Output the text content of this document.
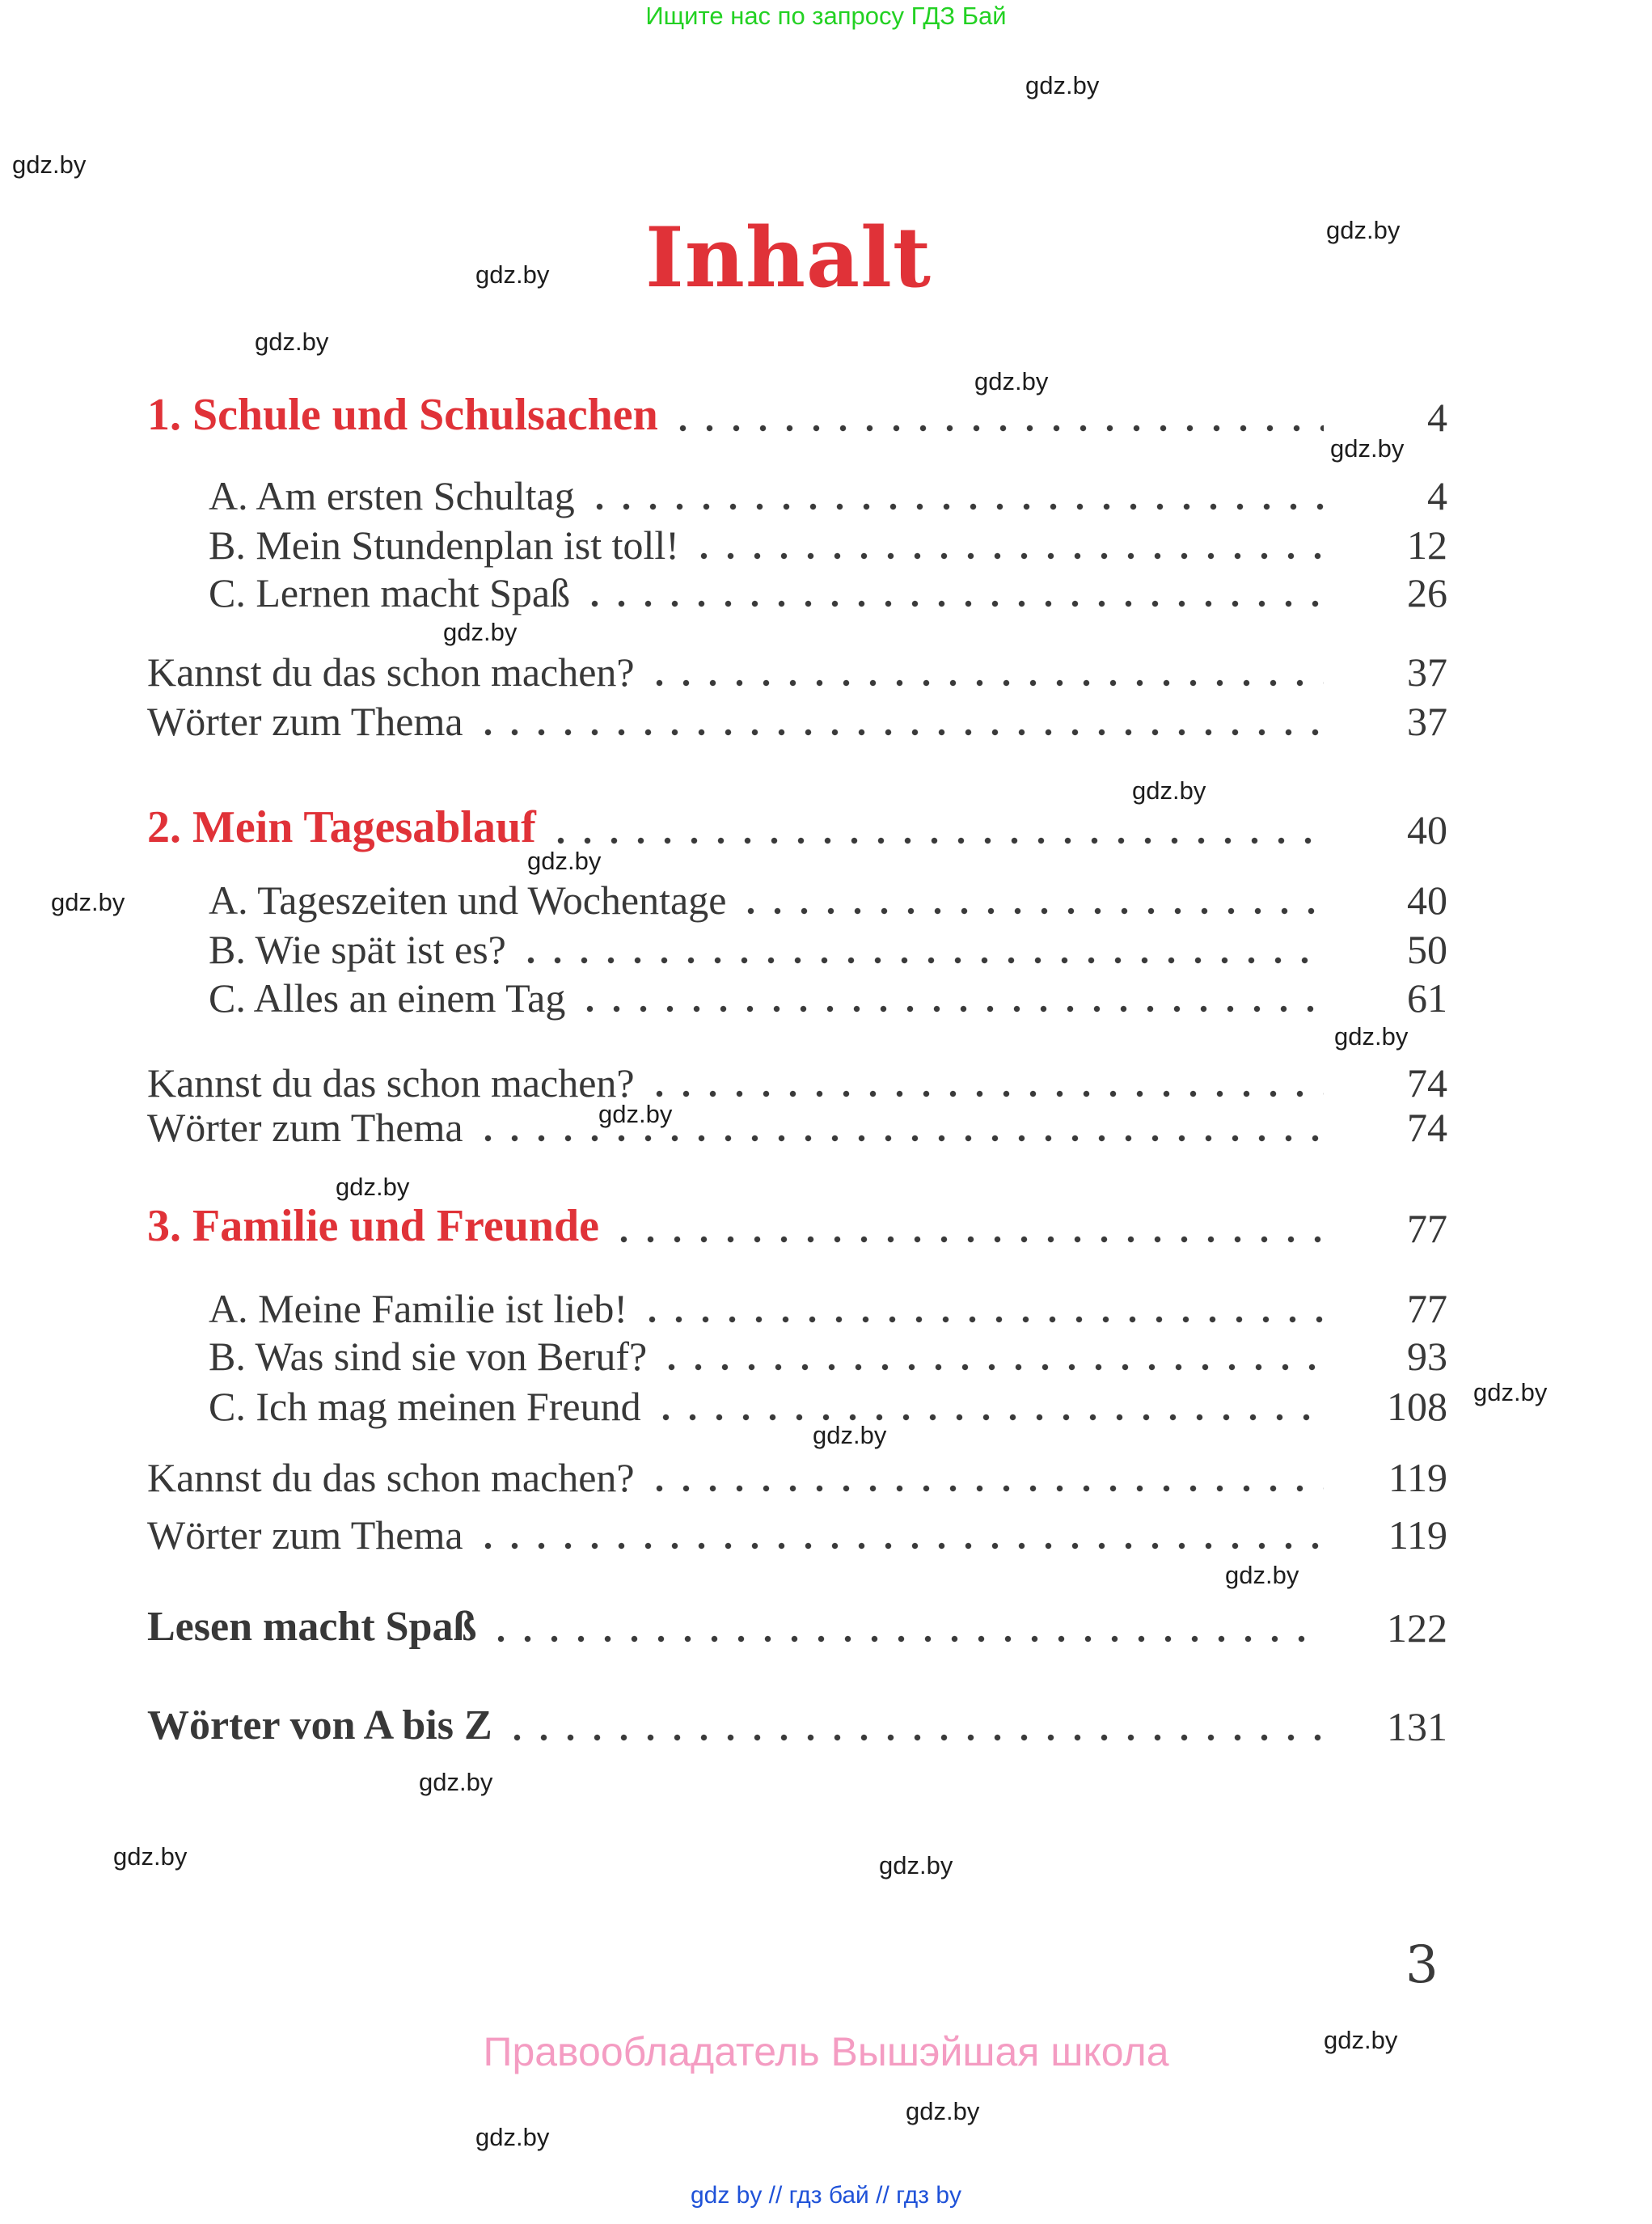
Ищите нас по запросу ГДЗ Бай
Inhalt
1. Schule und Schulsachen	4
A. Am ersten Schultag	4
B. Mein Stundenplan ist toll!	12
C. Lernen macht Spaß	26
Kannst du das schon machen?	37
Wörter zum Thema	37
2. Mein Tagesablauf	40
A. Tageszeiten und Wochentage	40
B. Wie spät ist es?	50
C. Alles an einem Tag	61
Kannst du das schon machen?	74
Wörter zum Thema	74
3. Familie und Freunde	77
A. Meine Familie ist lieb!	77
B. Was sind sie von Beruf?	93
C. Ich mag meinen Freund	108
Kannst du das schon machen?	119
Wörter zum Thema	119
Lesen macht Spaß	122
Wörter von A bis Z	131
gdz.by
gdz.by
gdz.by
gdz.by
gdz.by
gdz.by
gdz.by
gdz.by
gdz.by
gdz.by
gdz.by
gdz.by
gdz.by
gdz.by
gdz.by
gdz.by
gdz.by
gdz.by
gdz.by	gdz.by
gdz.by
gdz.by
gdz.by
3
Правообладатель Вышэйшая школа
gdz by // гдз бай // гдз by
